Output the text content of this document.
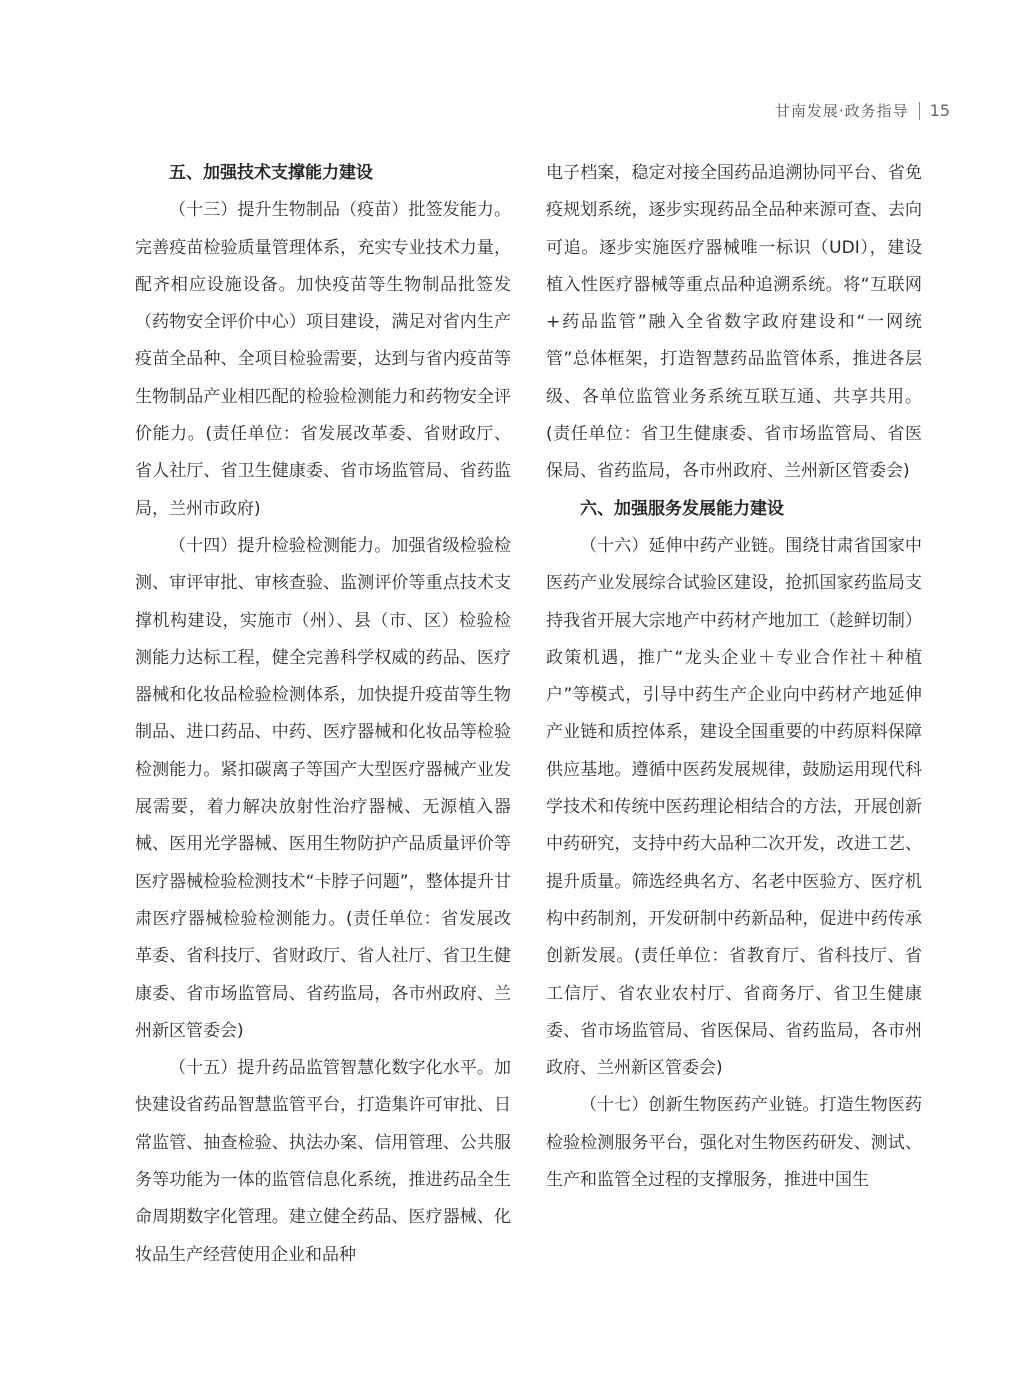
甘南发展·政务指导 15

五、加强技术支撑能力建设

（十三）提升生物制品（疫苗）批签发能力。完善疫苗检验质量管理体系，充实专业技术力量，配齐相应设施设备。加快疫苗等生物制品批签发（药物安全评价中心）项目建设，满足对省内生产疫苗全品种、全项目检验需要，达到与省内疫苗等生物制品产业相匹配的检验检测能力和药物安全评价能力。(责任单位：省发展改革委、省财政厅、省人社厅、省卫生健康委、省市场监管局、省药监局，兰州市政府)

（十四）提升检验检测能力。加强省级检验检测、审评审批、审核查验、监测评价等重点技术支撑机构建设，实施市（州）、县（市、区）检验检测能力达标工程，健全完善科学权威的药品、医疗器械和化妆品检验检测体系，加快提升疫苗等生物制品、进口药品、中药、医疗器械和化妆品等检验检测能力。紧扣碳离子等国产大型医疗器械产业发展需要，着力解决放射性治疗器械、无源植入器械、医用光学器械、医用生物防护产品质量评价等医疗器械检验检测技术“卡脖子问题”，整体提升甘肃医疗器械检验检测能力。(责任单位：省发展改革委、省科技厅、省财政厅、省人社厅、省卫生健康委、省市场监管局、省药监局，各市州政府、兰州新区管委会)

（十五）提升药品监管智慧化数字化水平。加快建设省药品智慧监管平台，打造集许可审批、日常监管、抽查检验、执法办案、信用管理、公共服务等功能为一体的监管信息化系统，推进药品全生命周期数字化管理。建立健全药品、医疗器械、化妆品生产经营使用企业和品种

电子档案，稳定对接全国药品追溯协同平台、省免疫规划系统，逐步实现药品全品种来源可查、去向可追。逐步实施医疗器械唯一标识（UDI），建设植入性医疗器械等重点品种追溯系统。将“互联网+药品监管”融入全省数字政府建设和“一网统管”总体框架，打造智慧药品监管体系，推进各层级、各单位监管业务系统互联互通、共享共用。(责任单位：省卫生健康委、省市场监管局、省医保局、省药监局，各市州政府、兰州新区管委会)

六、加强服务发展能力建设

（十六）延伸中药产业链。围绕甘肃省国家中医药产业发展综合试验区建设，抢抓国家药监局支持我省开展大宗地产中药材产地加工（趁鲜切制）政策机遇，推广“龙头企业＋专业合作社＋种植户”等模式，引导中药生产企业向中药材产地延伸产业链和质控体系，建设全国重要的中药原料保障供应基地。遵循中医药发展规律，鼓励运用现代科学技术和传统中医药理论相结合的方法，开展创新中药研究，支持中药大品种二次开发，改进工艺、提升质量。筛选经典名方、名老中医验方、医疗机构中药制剂，开发研制中药新品种，促进中药传承创新发展。(责任单位：省教育厅、省科技厅、省工信厅、省农业农村厅、省商务厅、省卫生健康委、省市场监管局、省医保局、省药监局，各市州政府、兰州新区管委会)

（十七）创新生物医药产业链。打造生物医药检验检测服务平台，强化对生物医药研发、测试、生产和监管全过程的支撑服务，推进中国生
